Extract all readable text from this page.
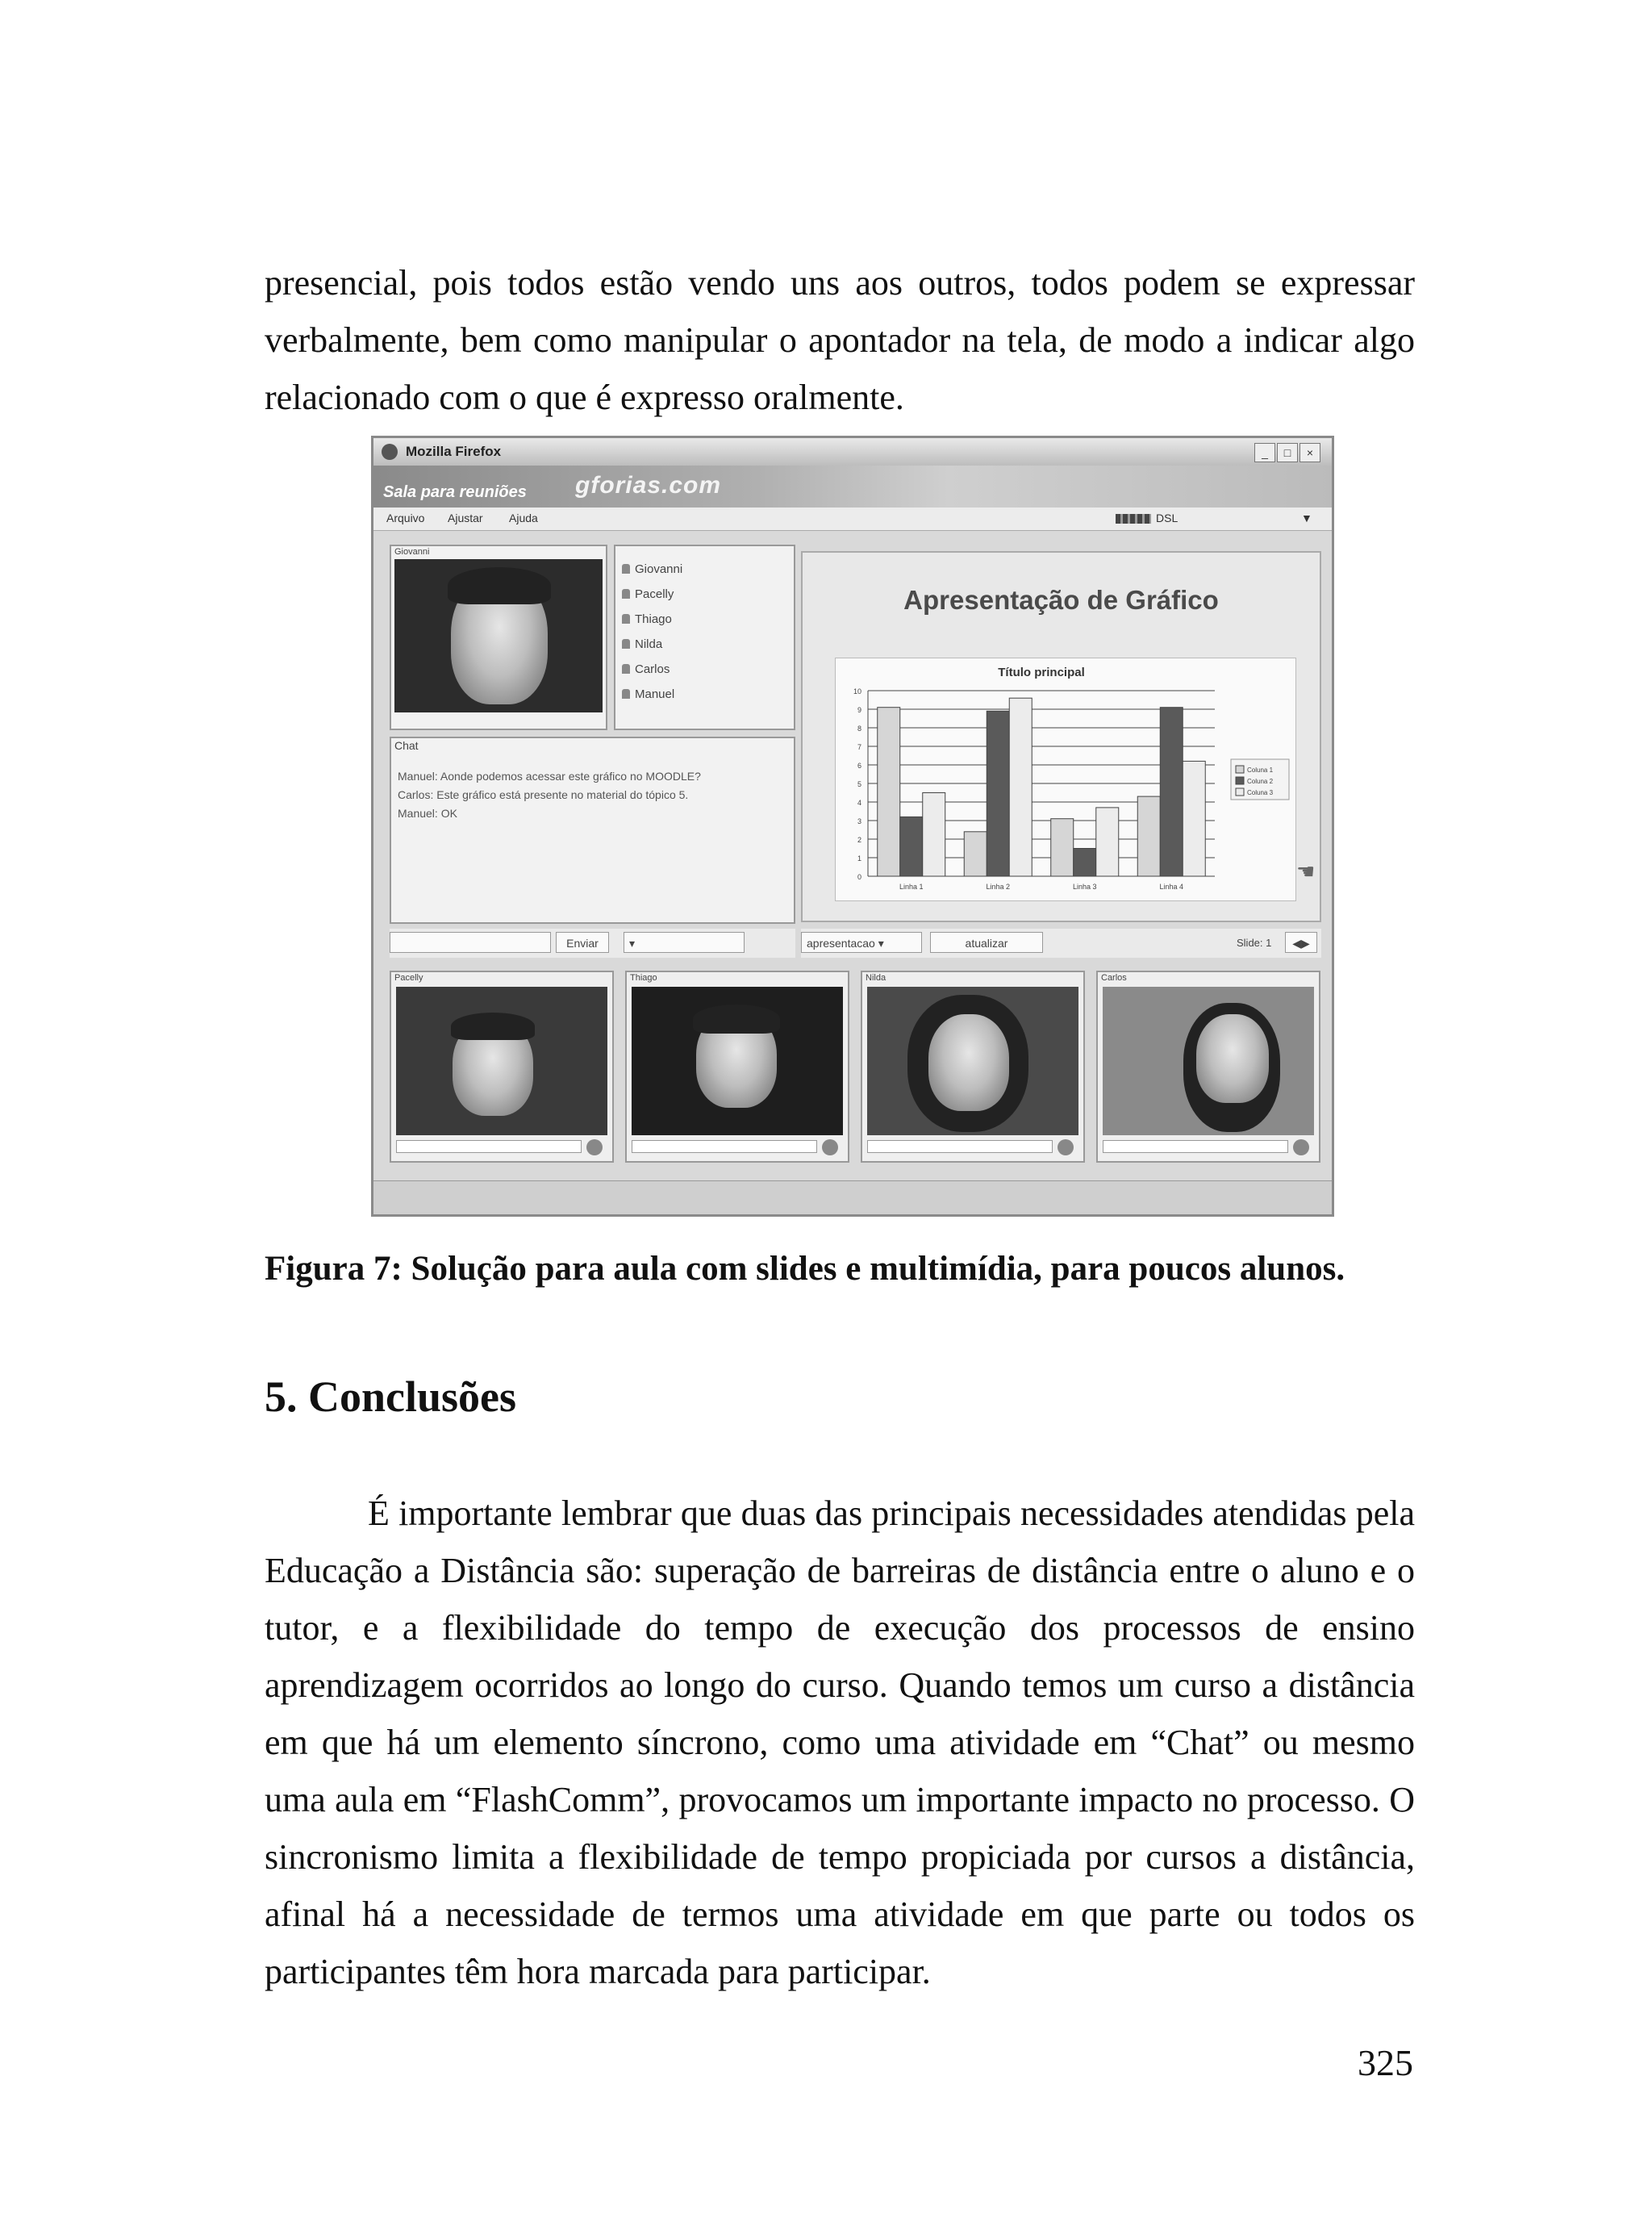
presencial, pois todos estão vendo uns aos outros, todos podem se expressar verbalmente, bem como manipular o apontador na tela, de modo a indicar algo relacionado com o que é expresso oralmente.

Mozilla Firefox	_	□	×
Sala para reuniões gforias.com
Arquivo Ajustar Ajuda	DSL	▼
Giovanni
Giovanni
Pacelly
Thiago
Nilda
Carlos
Manuel
Chat
Manuel: Aonde podemos acessar este gráfico no MOODLE?
Carlos: Este gráfico está presente no material do tópico 5.
Manuel: OK
Enviar	▾
Apresentação de Gráfico
Título principal
0
1
2
3
4
5
6
7
8
9
10
Linha 1	Linha 2	Linha 3	Linha 4
Coluna 1
Coluna 2
Coluna 3
☚
apresentacao ▾	atualizar	Slide: 1	◀▶
Pacelly	Thiago	Nilda	Carlos
Figura 7: Solução para aula com slides e multimídia, para poucos alunos.
5. Conclusões

É importante lembrar que duas das principais necessidades atendidas pela Educação a Distância são: superação de barreiras de distância entre o aluno e o tutor, e a flexibilidade do tempo de execução dos processos de ensino aprendizagem ocorridos ao longo do curso. Quando temos um curso a distância em que há um elemento síncrono, como uma atividade em “Chat” ou mesmo uma aula em “FlashComm”, provocamos um importante impacto no processo. O sincronismo limita a flexibilidade de tempo propiciada por cursos a distância, afinal há a necessidade de termos uma atividade em que parte ou todos os participantes têm hora marcada para participar.

325
